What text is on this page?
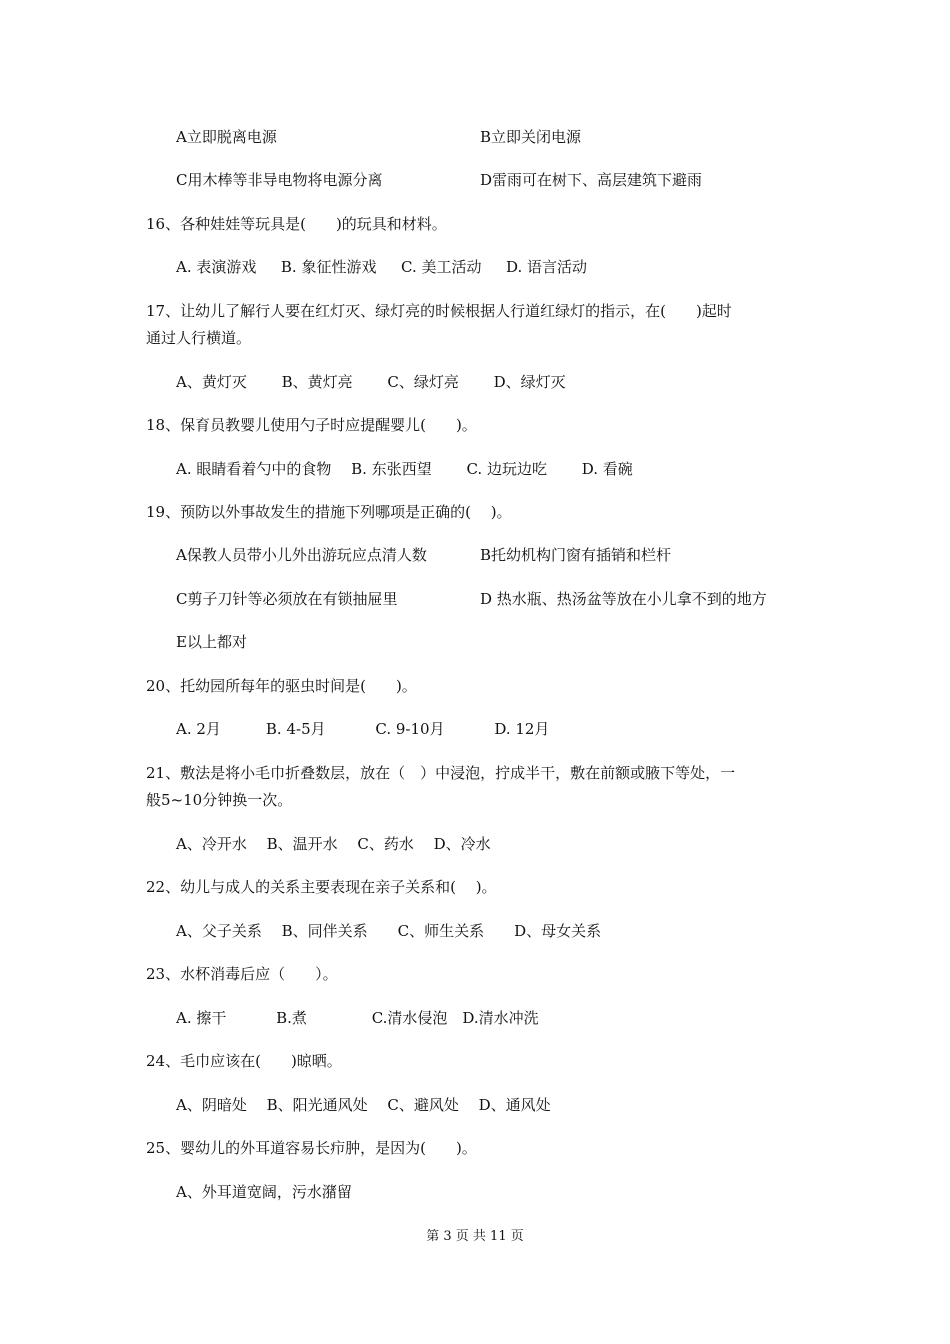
A立即脱离电源	B立即关闭电源
C用木棒等非导电物将电源分离	D雷雨可在树下、高层建筑下避雨
16、各种娃娃等玩具是(　　)的玩具和材料。
A. 表演游戏　  B. 象征性游戏　  C. 美工活动　  D. 语言活动
17、让幼儿了解行人要在红灯灭、绿灯亮的时候根据人行道红绿灯的指示，在(　　)起时
通过人行横道。
A、黄灯灭　　 B、黄灯亮　　 C、绿灯亮　　 D、绿灯灭
18、保育员教婴儿使用勺子时应提醒婴儿(　　)。
A. 眼睛看着勺中的食物　 B. 东张西望　　 C. 边玩边吃　　 D. 看碗
19、预防以外事故发生的措施下列哪项是正确的(　 )。
A保教人员带小儿外出游玩应点清人数	B托幼机构门窗有插销和栏杆
C剪子刀针等必须放在有锁抽屉里	D 热水瓶、热汤盆等放在小儿拿不到的地方
E以上都对
20、托幼园所每年的驱虫时间是(　　)。
A. 2月　　　B. 4-5月　　　 C. 9-10月　　　 D. 12月
21、敷法是将小毛巾折叠数层，放在（　）中浸泡，拧成半干，敷在前额或腋下等处，一
般5~10分钟换一次。
A、冷开水　 B、温开水　 C、药水　 D、冷水
22、幼儿与成人的关系主要表现在亲子关系和(　 )。
A、父子关系　 B、同伴关系　　C、师生关系　　D、母女关系
23、水杯消毒后应（　　）。
A. 擦干　　　 B.煮　　　　 C.清水侵泡　D.清水冲洗
24、毛巾应该在(　　)晾晒。
A、阴暗处　 B、阳光通风处　 C、避风处　 D、通风处
25、婴幼儿的外耳道容易长疖肿，是因为(　　)。
A、外耳道宽阔，污水潴留
第 3 页 共 11 页
